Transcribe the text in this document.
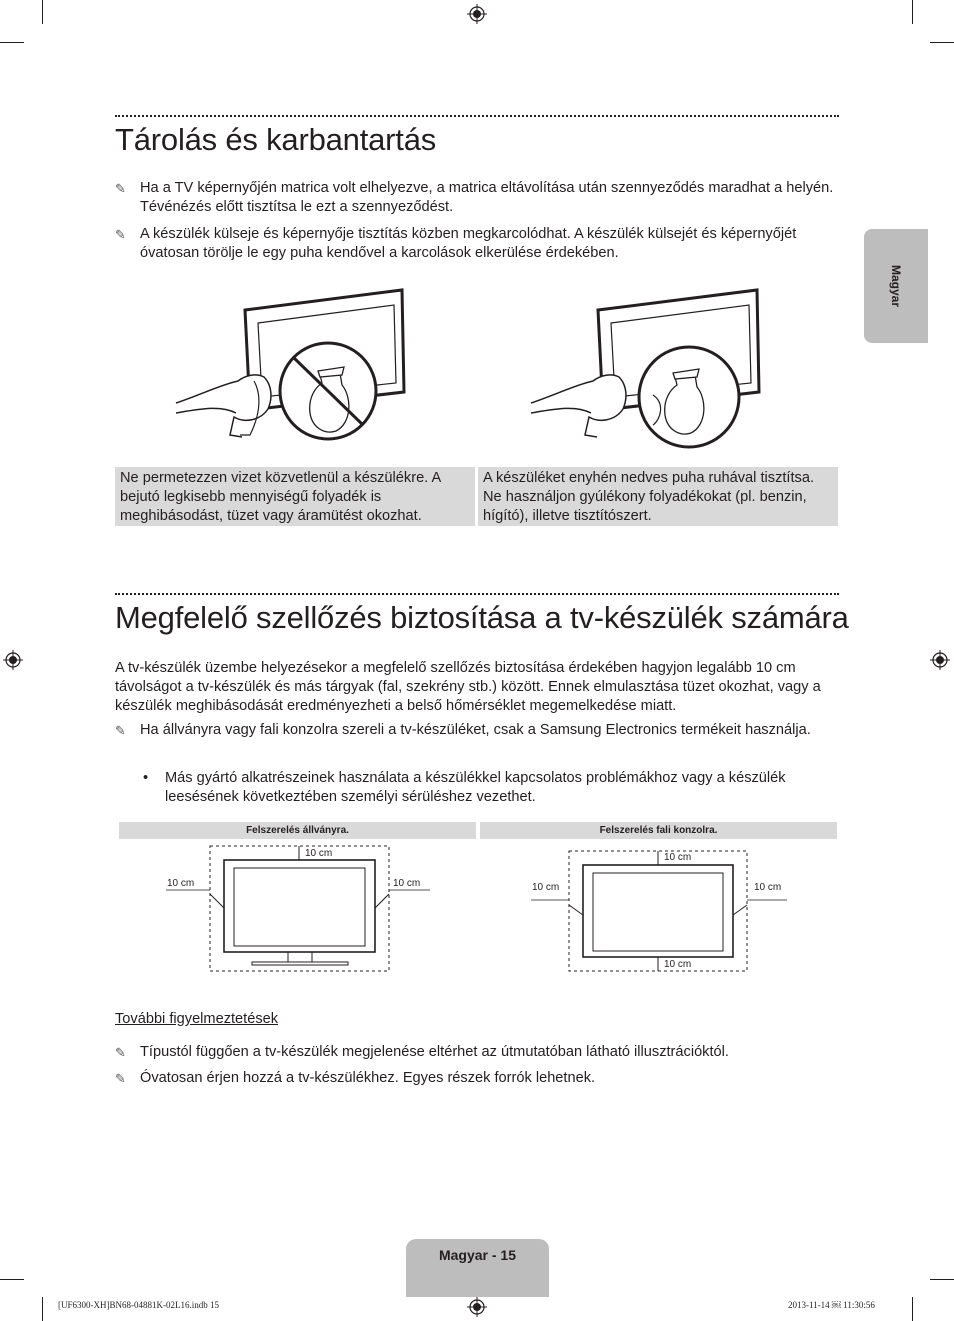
Magyar
Tárolás és karbantartás
✎ Ha a TV képernyőjén matrica volt elhelyezve, a matrica eltávolítása után szennyeződés maradhat a helyén. Tévénézés előtt tisztítsa le ezt a szennyeződést.
✎ A készülék külseje és képernyője tisztítás közben megkarcolódhat. A készülék külsejét és képernyőjét óvatosan törölje le egy puha kendővel a karcolások elkerülése érdekében.
Ne permetezzen vizet közvetlenül a készülékre. A bejutó legkisebb mennyiségű folyadék is meghibásodást, tüzet vagy áramütést okozhat.
A készüléket enyhén nedves puha ruhával tisztítsa. Ne használjon gyúlékony folyadékokat (pl. benzin, hígító), illetve tisztítószert.
Megfelelő szellőzés biztosítása a tv-készülék számára
A tv-készülék üzembe helyezésekor a megfelelő szellőzés biztosítása érdekében hagyjon legalább 10 cm távolságot a tv-készülék és más tárgyak (fal, szekrény stb.) között. Ennek elmulasztása tüzet okozhat, vagy a készülék meghibásodását eredményezheti a belső hőmérséklet megemelkedése miatt.
✎ Ha állványra vagy fali konzolra szereli a tv-készüléket, csak a Samsung Electronics termékeit használja.
• Más gyártó alkatrészeinek használata a készülékkel kapcsolatos problémákhoz vagy a készülék leesésének következtében személyi sérüléshez vezethet.
Felszerelés állványra.	Felszerelés fali konzolra.
10 cm
10 cm	10 cm
10 cm
10 cm	10 cm
10 cm
További figyelmeztetések
✎ Típustól függően a tv-készülék megjelenése eltérhet az útmutatóban látható illusztrációktól.
✎ Óvatosan érjen hozzá a tv-készülékhez. Egyes részek forrók lehetnek.
Magyar - 15
[UF6300-XH]BN68-04881K-02L16.indb 15	2013-11-14 ￼ 11:30:56
